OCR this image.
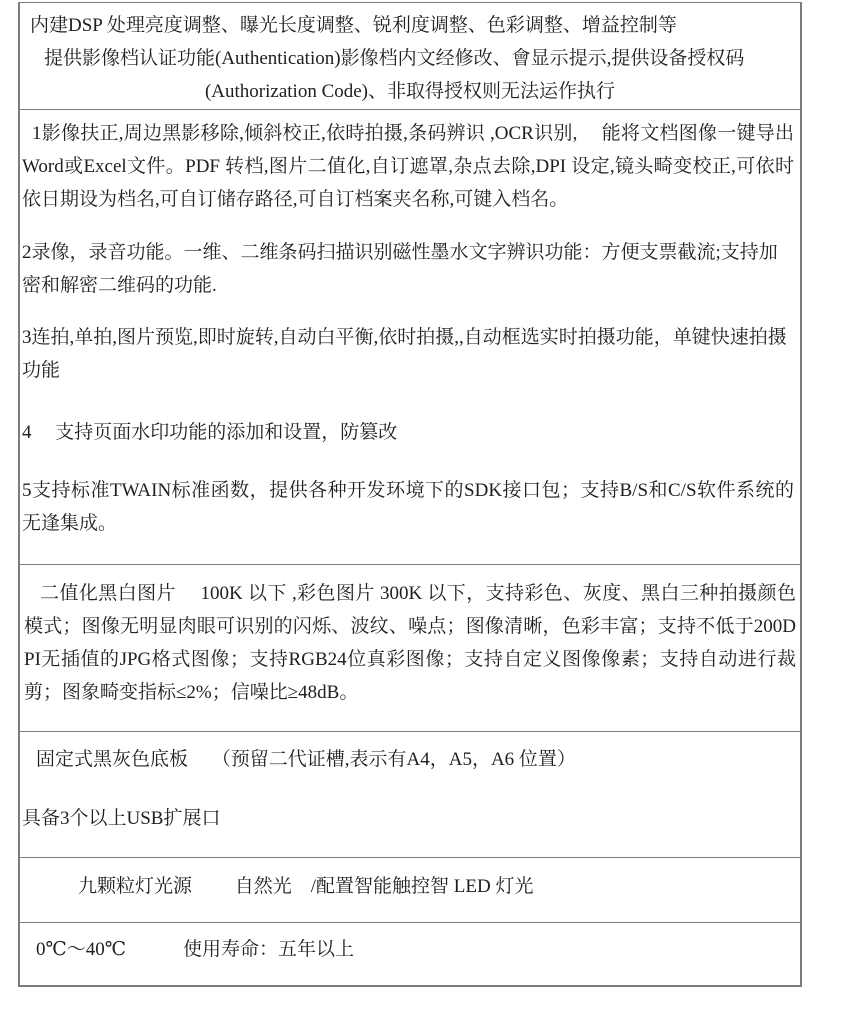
内建DSP 处理亮度调整、曝光长度调整、锐利度调整、色彩调整、增益控制等

提供影像档认证功能(Authentication)影像档内文经修改、會显示提示,提供设备授权码

(Authorization Code)、非取得授权则无法运作执行

1影像扶正,周边黑影移除,倾斜校正,依時拍摄,条码辨识 ,OCR识别,　 能将文档图像一键导出Word或Excel文件。PDF 转档,图片二值化,自订遮罩,杂点去除,DPI 设定,镜头畸变校正,可依时依日期设为档名,可自订储存路径,可自订档案夹名称,可键入档名。

2录像，录音功能。一维、二维条码扫描识别磁性墨水文字辨识功能：方便支票截流;支持加密和解密二维码的功能.

3连拍,单拍,图片预览,即时旋转,自动白平衡,依时拍摄,,自动框选实时拍摄功能，单键快速拍摄功能

4　 支持页面水印功能的添加和设置，防篡改

5支持标准TWAIN标准函数，提供各种开发环境下的SDK接口包；支持B/S和C/S软件系统的无逢集成。

二值化黑白图片　 100K 以下 ,彩色图片 300K 以下，支持彩色、灰度、黑白三种拍摄颜色模式；图像无明显肉眼可识别的闪烁、波纹、噪点；图像清晰，色彩丰富；支持不低于200DPI无插值的JPG格式图像；支持RGB24位真彩图像；支持自定义图像像素；支持自动进行裁剪；图象畸变指标≤2%；信噪比≥48dB。

固定式黑灰色底板　 （预留二代证槽,表示有A4，A5，A6 位置）

具备3个以上USB扩展口

九颗粒灯光源　　 自然光　/配置智能触控智 LED 灯光

0℃～40℃　　　使用寿命：五年以上
